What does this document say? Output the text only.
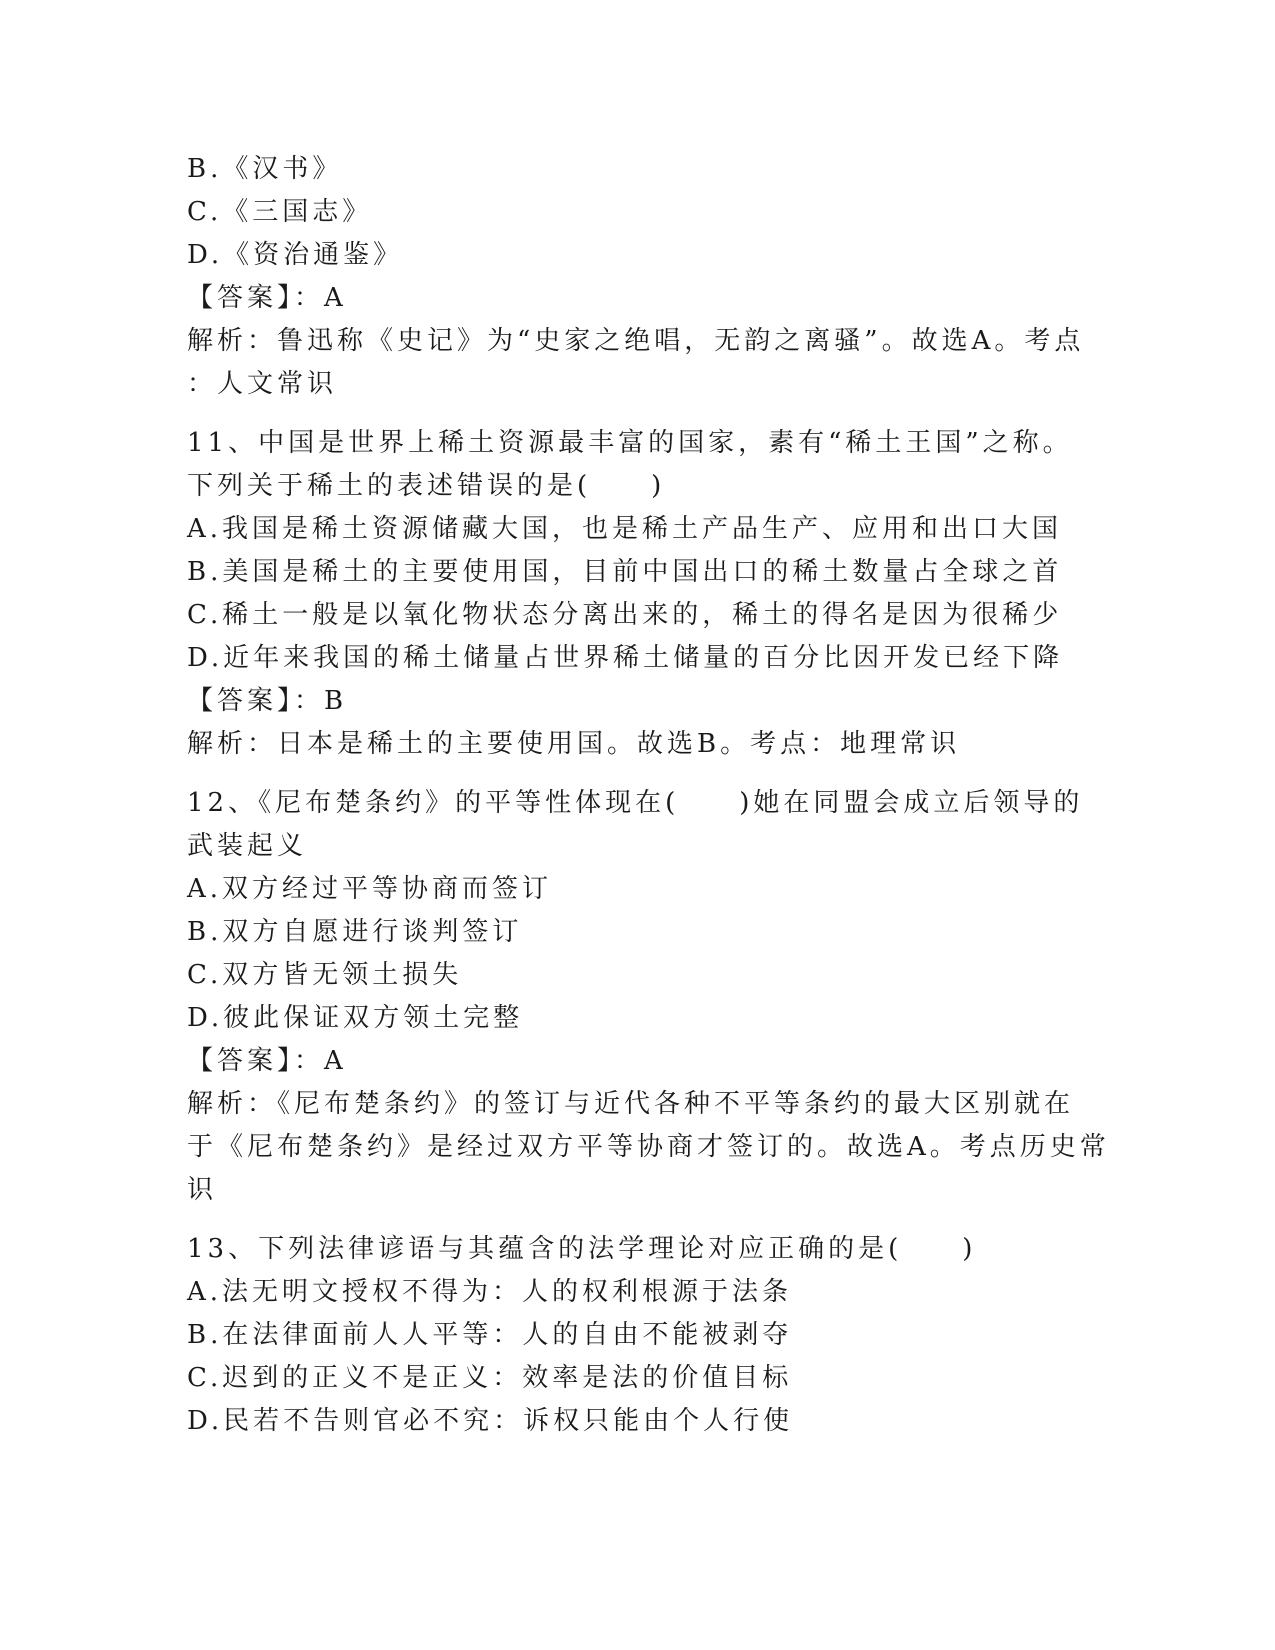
B.《汉书》
C.《三国志》
D.《资治通鉴》
【答案】：A
解析：鲁迅称《史记》为“史家之绝唱，无韵之离骚”。故选A。考点
：人文常识
11、中国是世界上稀土资源最丰富的国家，素有“稀土王国”之称。
下列关于稀土的表述错误的是(　　)
A.我国是稀土资源储藏大国，也是稀土产品生产、应用和出口大国
B.美国是稀土的主要使用国，目前中国出口的稀土数量占全球之首
C.稀土一般是以氧化物状态分离出来的，稀土的得名是因为很稀少
D.近年来我国的稀土储量占世界稀土储量的百分比因开发已经下降
【答案】：B
解析：日本是稀土的主要使用国。故选B。考点：地理常识
12、《尼布楚条约》的平等性体现在(　　)她在同盟会成立后领导的
武装起义
A.双方经过平等协商而签订
B.双方自愿进行谈判签订
C.双方皆无领土损失
D.彼此保证双方领土完整
【答案】：A
解析：《尼布楚条约》的签订与近代各种不平等条约的最大区别就在
于《尼布楚条约》是经过双方平等协商才签订的。故选A。考点历史常
识
13、下列法律谚语与其蕴含的法学理论对应正确的是(　　)
A.法无明文授权不得为：人的权利根源于法条
B.在法律面前人人平等：人的自由不能被剥夺
C.迟到的正义不是正义：效率是法的价值目标
D.民若不告则官必不究：诉权只能由个人行使
